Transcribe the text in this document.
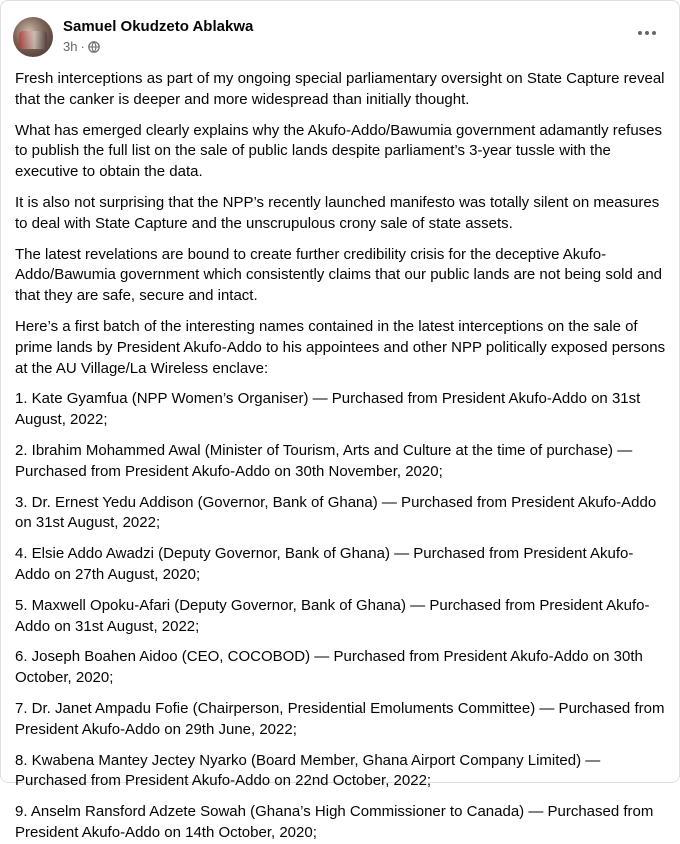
Samuel Okudzeto Ablakwa
3h ·

Fresh interceptions as part of my ongoing special parliamentary oversight on State Capture reveal that the canker is deeper and more widespread than initially thought.

What has emerged clearly explains why the Akufo-Addo/Bawumia government adamantly refuses to publish the full list on the sale of public lands despite parliament’s 3-year tussle with the executive to obtain the data.

It is also not surprising that the NPP’s recently launched manifesto was totally silent on measures to deal with State Capture and the unscrupulous crony sale of state assets.

The latest revelations are bound to create further credibility crisis for the deceptive Akufo-Addo/Bawumia government which consistently claims that our public lands are not being sold and that they are safe, secure and intact.

Here’s a first batch of the interesting names contained in the latest interceptions on the sale of prime lands by President Akufo-Addo to his appointees and other NPP politically exposed persons at the AU Village/La Wireless enclave:

1. Kate Gyamfua (NPP Women’s Organiser) — Purchased from President Akufo-Addo on 31st August, 2022;

2. Ibrahim Mohammed Awal (Minister of Tourism, Arts and Culture at the time of purchase) — Purchased from President Akufo-Addo on 30th November, 2020;

3. Dr. Ernest Yedu Addison (Governor, Bank of Ghana) — Purchased from President Akufo-Addo on 31st August, 2022;

4. Elsie Addo Awadzi (Deputy Governor, Bank of Ghana) — Purchased from President Akufo-Addo on 27th August, 2020;

5. Maxwell Opoku-Afari (Deputy Governor, Bank of Ghana) — Purchased from President Akufo-Addo on 31st August, 2022;

6. Joseph Boahen Aidoo (CEO, COCOBOD) — Purchased from President Akufo-Addo on 30th October, 2020;

7. Dr. Janet Ampadu Fofie (Chairperson, Presidential Emoluments Committee) — Purchased from President Akufo-Addo on 29th June, 2022;

8. Kwabena Mantey Jectey Nyarko (Board Member, Ghana Airport Company Limited) — Purchased from President Akufo-Addo on 22nd October, 2022;

9. Anselm Ransford Adzete Sowah (Ghana’s High Commissioner to Canada) — Purchased from President Akufo-Addo on 14th October, 2020;
